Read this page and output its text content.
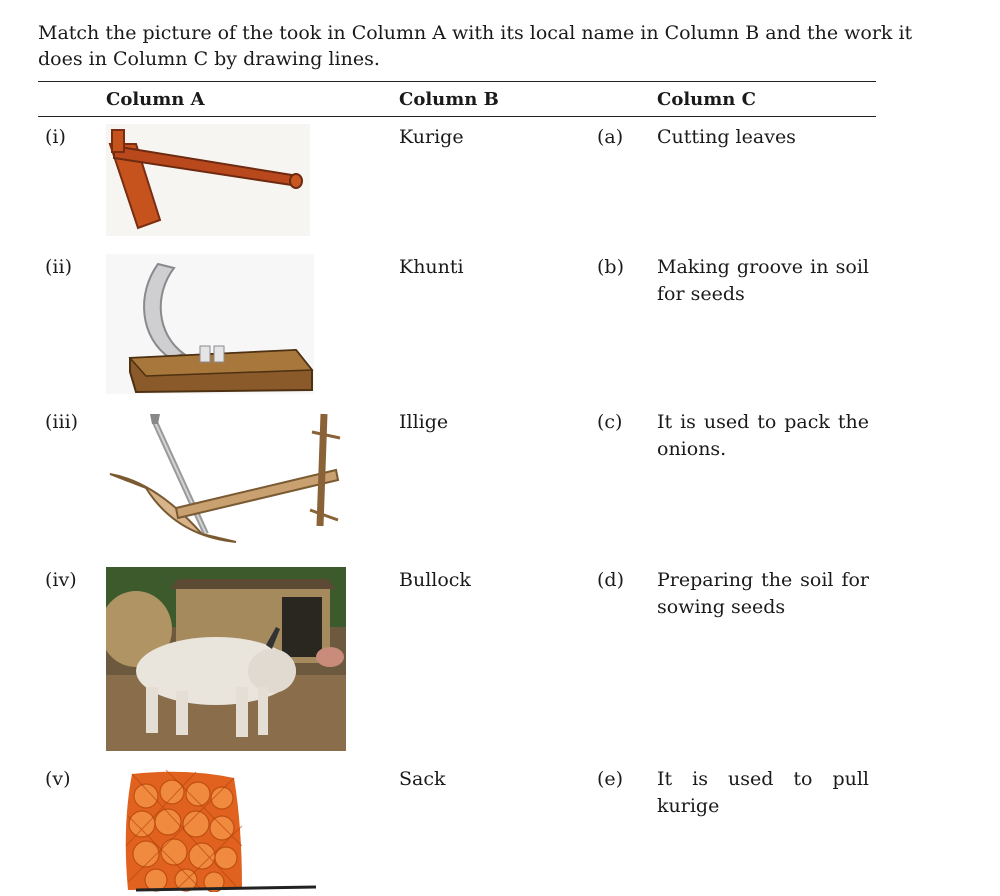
Match the picture of the took in Column A with its local name in Column B and the work it does in Column C by drawing lines.
Column A	Column B	Column C
(i)	Kurige	(a) Cutting leaves
(ii)	Khunti	(b) Making groove in soil for seeds
(iii)	Illige	(c) It is used to pack the onions.
(iv)	Bullock	(d) Preparing the soil for sowing seeds
(v)	Sack	(e) It is used to pull kurige
